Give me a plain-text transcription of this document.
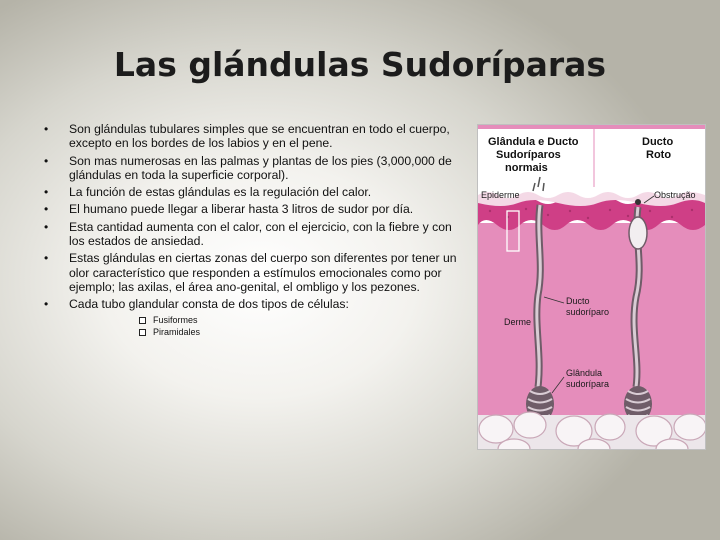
Las glándulas Sudoríparas
• Son glándulas tubulares simples que se encuentran en todo el cuerpo, excepto en los bordes de los labios y en el pene.
• Son mas numerosas en las palmas y plantas de los pies (3,000,000 de glándulas en toda la superficie corporal).
• La función de estas glándulas es la regulación del calor.
• El humano puede llegar a liberar hasta 3 litros de sudor por día.
• Esta cantidad aumenta con el calor, con el ejercicio, con la fiebre y con los estados de ansiedad.
• Estas glándulas en ciertas zonas del cuerpo son diferentes por tener un olor característico que responden a estímulos emocionales como por ejemplo; las axilas, el área ano-genital, el ombligo y los pezones.
• Cada tubo glandular consta de dos tipos de células:
Fusiformes
Piramidales
Glândula e Ducto
Sudoríparos
normais
Ducto
Roto
Epiderme	Obstrução
Derme
Ducto
sudoríparo
Glândula
sudorípara
